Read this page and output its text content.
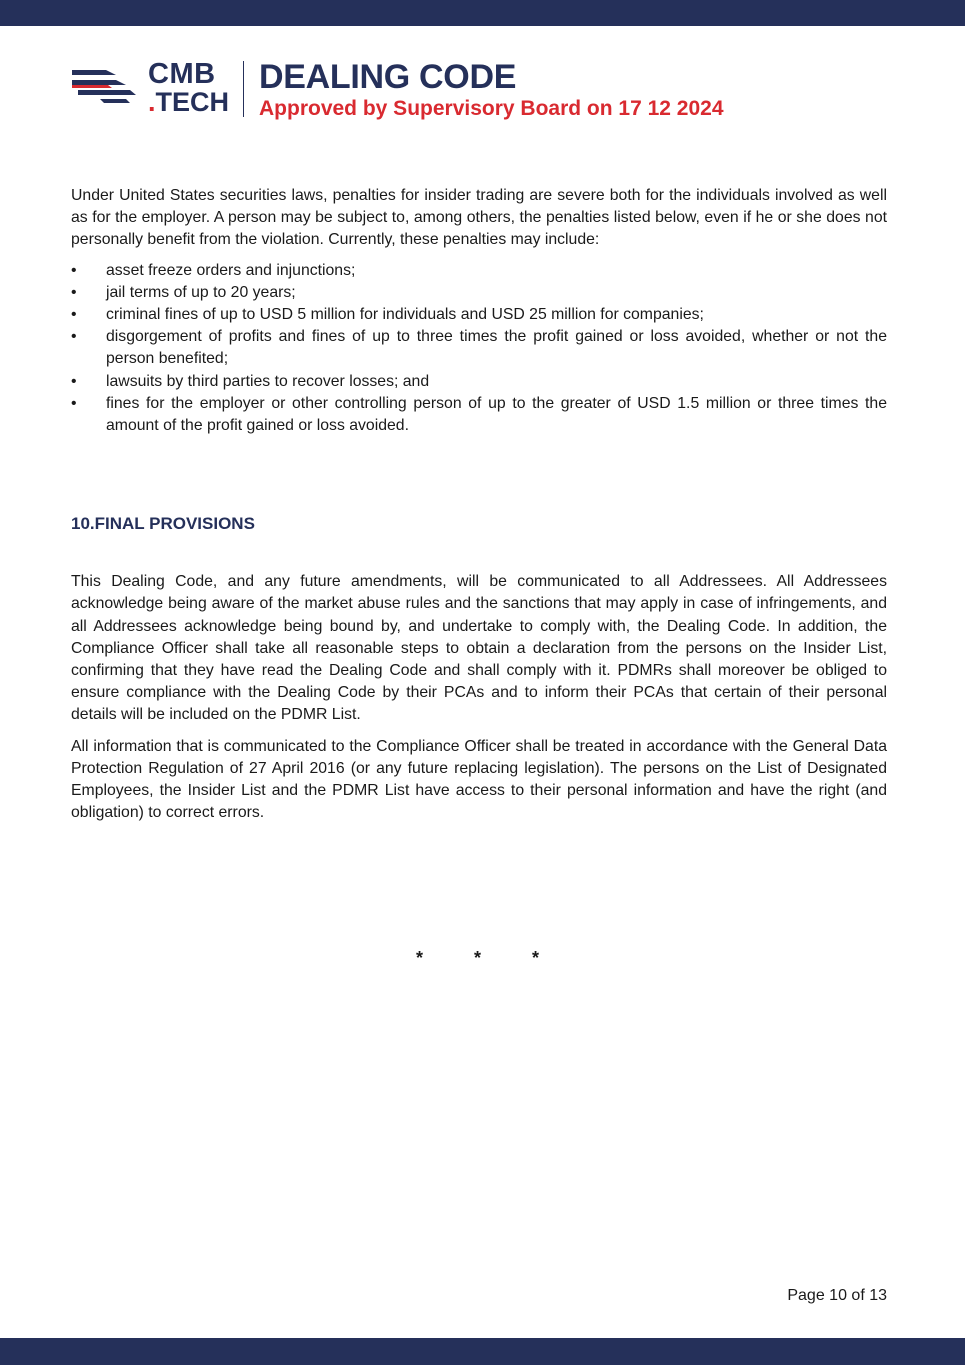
CMB
.TECH
DEALING CODE
Approved by Supervisory Board on 17 12 2024

Under United States securities laws, penalties for insider trading are severe both for the individuals involved as well as for the employer. A person may be subject to, among others, the penalties listed below, even if he or she does not personally benefit from the violation. Currently, these penalties may include:

• asset freeze orders and injunctions;
• jail terms of up to 20 years;
• criminal fines of up to USD 5 million for individuals and USD 25 million for companies;
• disgorgement of profits and fines of up to three times the profit gained or loss avoided, whether or not the person benefited;
• lawsuits by third parties to recover losses; and
• fines for the employer or other controlling person of up to the greater of USD 1.5 million or three times the amount of the profit gained or loss avoided.
10.FINAL PROVISIONS

This Dealing Code, and any future amendments, will be communicated to all Addressees. All Addressees acknowledge being aware of the market abuse rules and the sanctions that may apply in case of infringements, and all Addressees acknowledge being bound by, and undertake to comply with, the Dealing Code. In addition, the Compliance Officer shall take all reasonable steps to obtain a declaration from the persons on the Insider List, confirming that they have read the Dealing Code and shall comply with it. PDMRs shall moreover be obliged to ensure compliance with the Dealing Code by their PCAs and to inform their PCAs that certain of their personal details will be included on the PDMR List.

All information that is communicated to the Compliance Officer shall be treated in accordance with the General Data Protection Regulation of 27 April 2016 (or any future replacing legislation). The persons on the List of Designated Employees, the Insider List and the PDMR List have access to their personal information and have the right (and obligation) to correct errors.

*	*	*
Page 10 of 13
